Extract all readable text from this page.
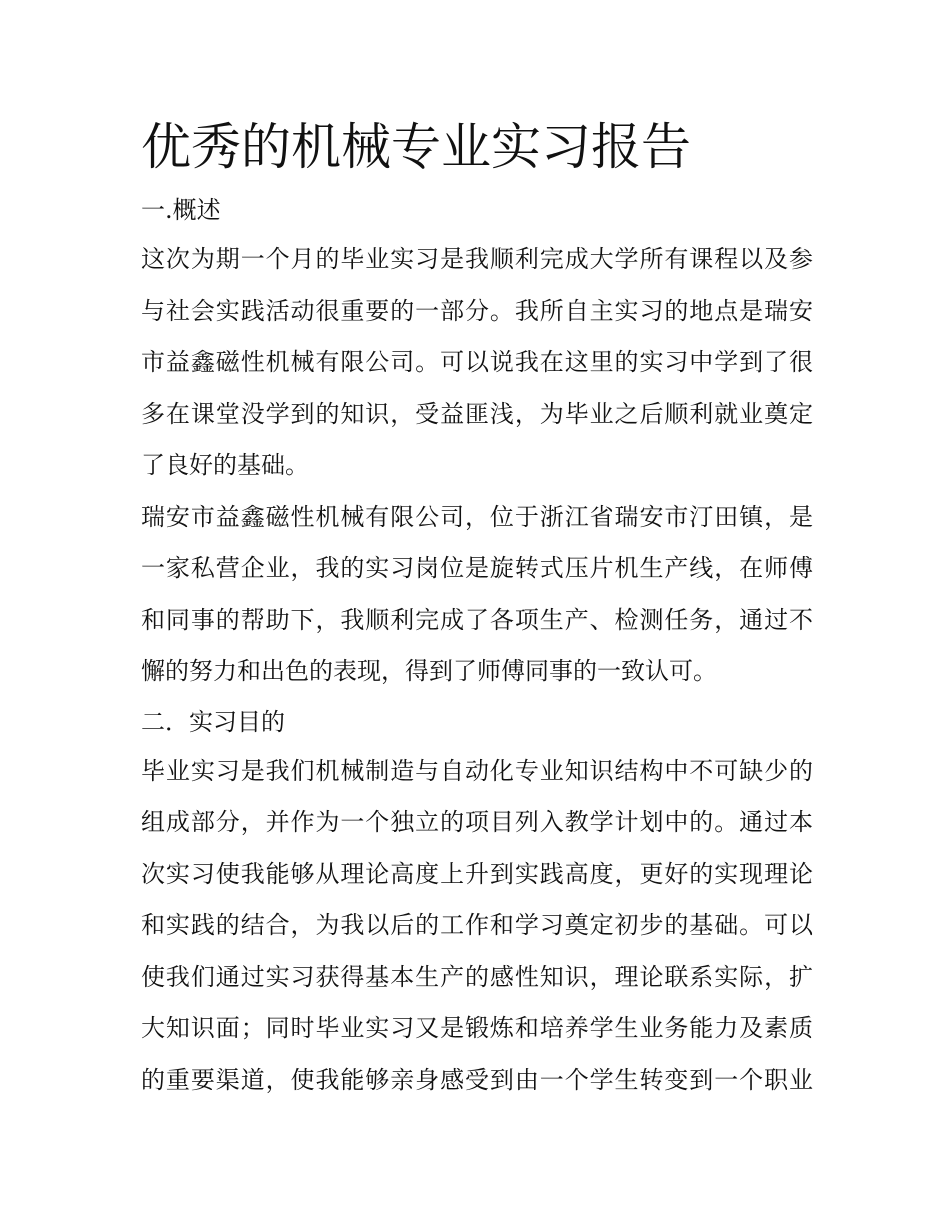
优秀的机械专业实习报告
一.概述

这次为期一个月的毕业实习是我顺利完成大学所有课程以及参
与社会实践活动很重要的一部分。我所自主实习的地点是瑞安
市益鑫磁性机械有限公司。可以说我在这里的实习中学到了很
多在课堂没学到的知识，受益匪浅，为毕业之后顺利就业奠定
了良好的基础。

瑞安市益鑫磁性机械有限公司，位于浙江省瑞安市汀田镇，是
一家私营企业，我的实习岗位是旋转式压片机生产线，在师傅
和同事的帮助下，我顺利完成了各项生产、检测任务，通过不
懈的努力和出色的表现，得到了师傅同事的一致认可。

二．实习目的

毕业实习是我们机械制造与自动化专业知识结构中不可缺少的
组成部分，并作为一个独立的项目列入教学计划中的。通过本
次实习使我能够从理论高度上升到实践高度，更好的实现理论
和实践的结合，为我以后的工作和学习奠定初步的基础。可以
使我们通过实习获得基本生产的感性知识，理论联系实际，扩
大知识面；同时毕业实习又是锻炼和培养学生业务能力及素质
的重要渠道，使我能够亲身感受到由一个学生转变到一个职业
